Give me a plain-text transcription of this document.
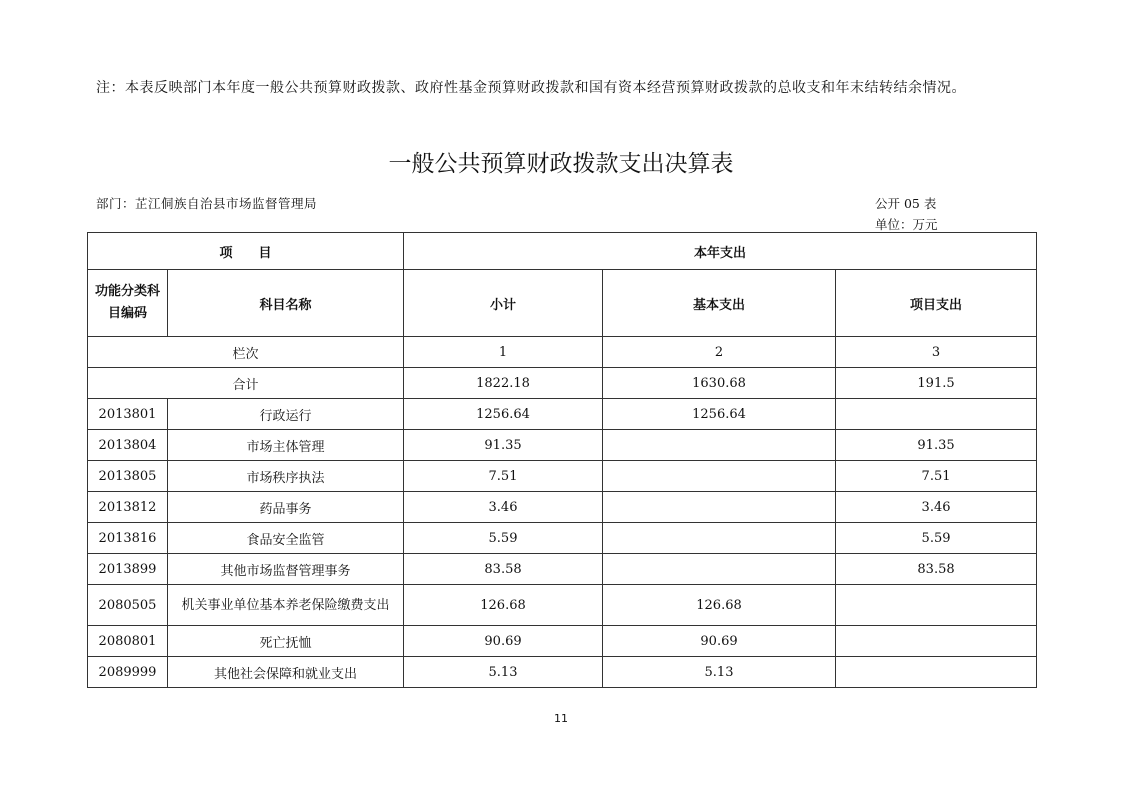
注：本表反映部门本年度一般公共预算财政拨款、政府性基金预算财政拨款和国有资本经营预算财政拨款的总收支和年末结转结余情况。
一般公共预算财政拨款支出决算表
部门：芷江侗族自治县市场监督管理局	公开 05 表
单位：万元
项　　目		本年支出		
功能分类科目编码	科目名称	小计	基本支出	项目支出
栏次		1	2	3
合计		1822.18	1630.68	191.5
2013801	行政运行	1256.64	1256.64	
2013804	市场主体管理	91.35		91.35
2013805	市场秩序执法	7.51		7.51
2013812	药品事务	3.46		3.46
2013816	食品安全监管	5.59		5.59
2013899	其他市场监督管理事务	83.58		83.58
2080505	机关事业单位基本养老保险缴费支出	126.68	126.68	
2080801	死亡抚恤	90.69	90.69	
2089999	其他社会保障和就业支出	5.13	5.13	
11
